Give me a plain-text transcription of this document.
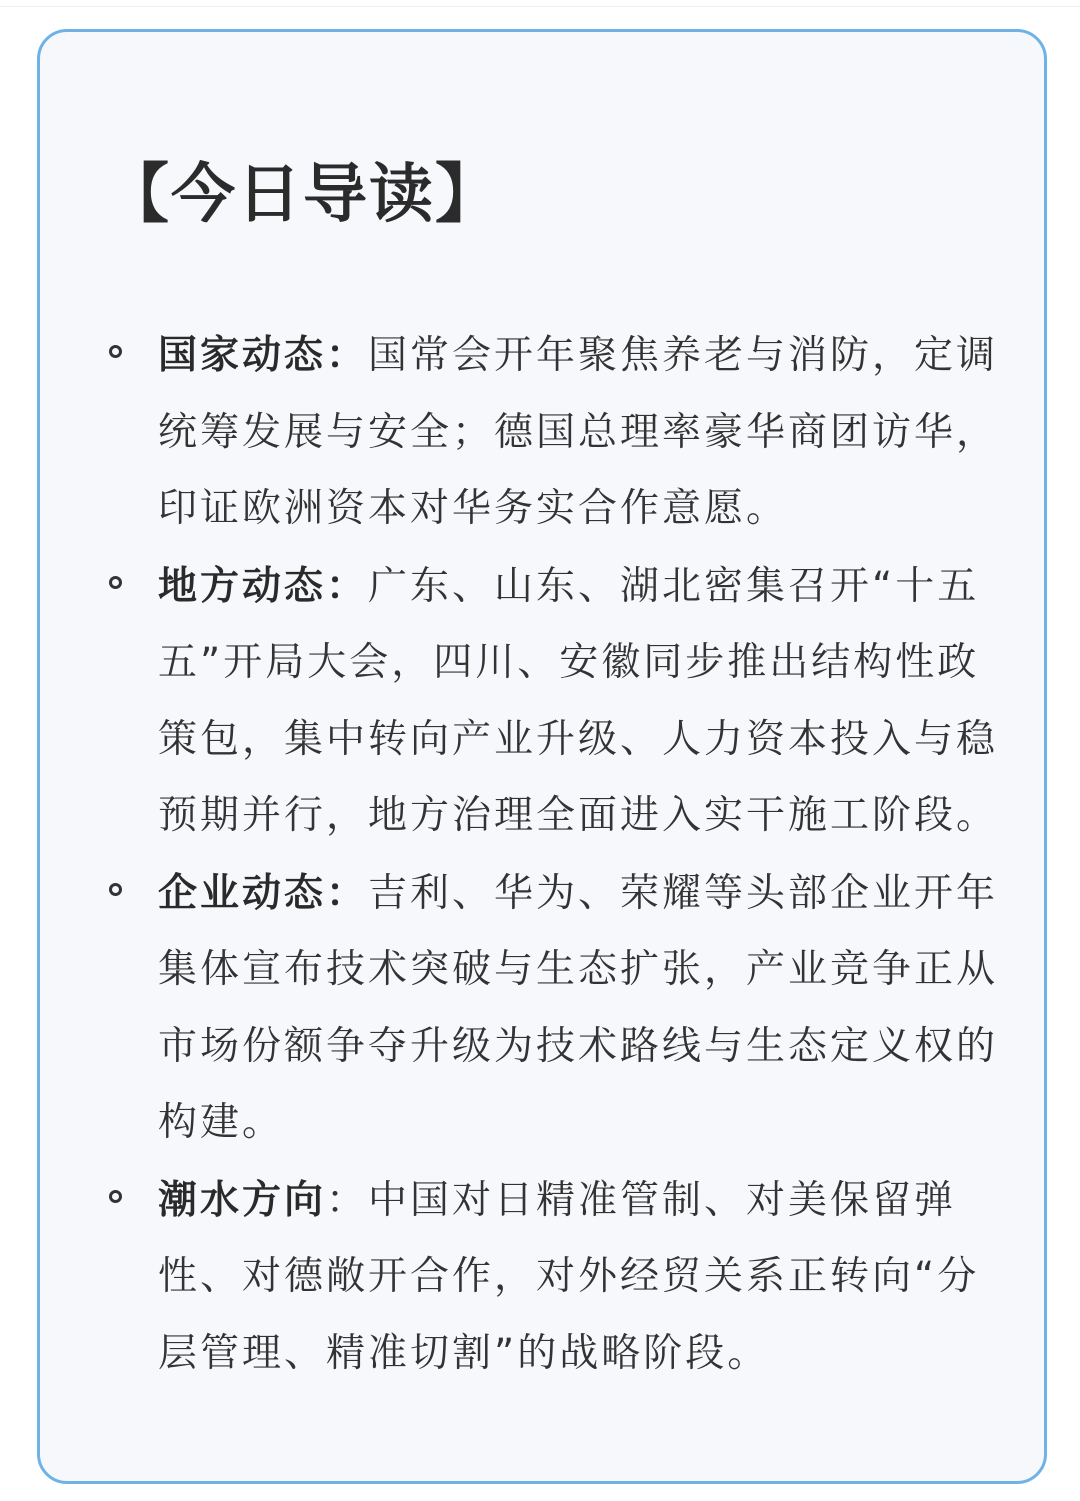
【今日导读】

国家动态：国常会开年聚焦养老与消防，定调统筹发展与安全；德国总理率豪华商团访华，印证欧洲资本对华务实合作意愿。

地方动态：广东、山东、湖北密集召开“十五五”开局大会，四川、安徽同步推出结构性政策包，集中转向产业升级、人力资本投入与稳预期并行，地方治理全面进入实干施工阶段。

企业动态：吉利、华为、荣耀等头部企业开年集体宣布技术突破与生态扩张，产业竞争正从市场份额争夺升级为技术路线与生态定义权的构建。

潮水方向：中国对日精准管制、对美保留弹性、对德敞开合作，对外经贸关系正转向“分层管理、精准切割”的战略阶段。
